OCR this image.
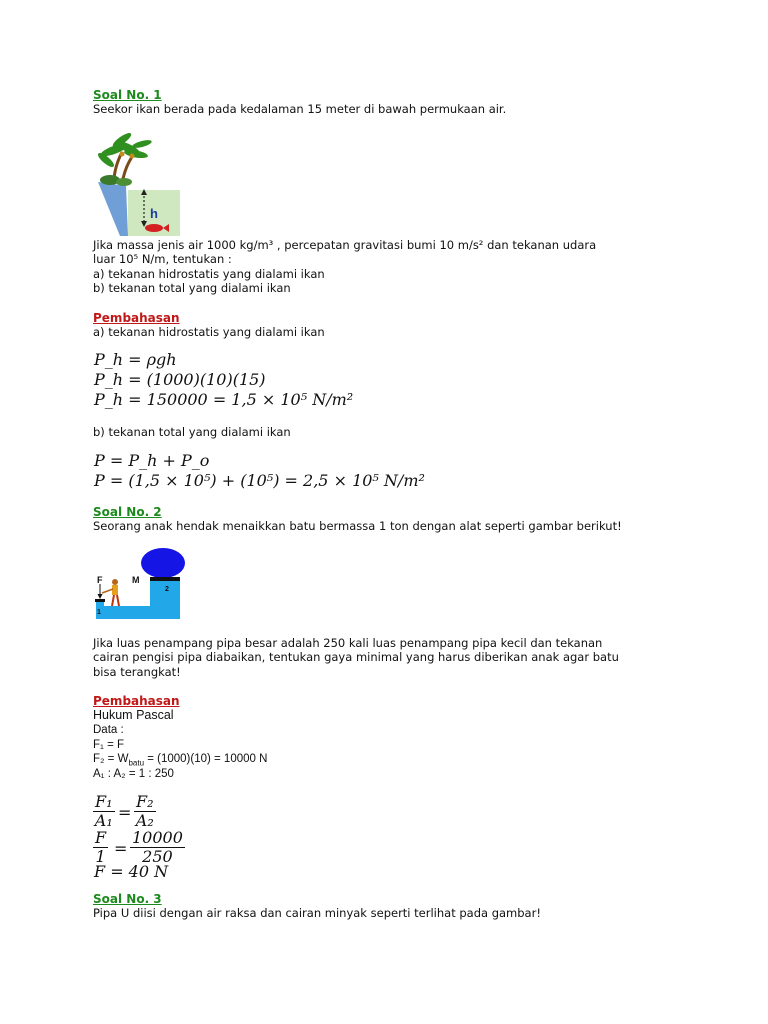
Soal No. 1
Seekor ikan berada pada kedalaman 15 meter di bawah permukaan air.
h
Jika massa jenis air 1000 kg/m³ , percepatan gravitasi bumi 10 m/s² dan tekanan udara
luar 10⁵ N/m, tentukan :
a) tekanan hidrostatis yang dialami ikan
b) tekanan total yang dialami ikan
Pembahasan
a) tekanan hidrostatis yang dialami ikan
P_h = ρgh
P_h = (1000)(10)(15)
P_h = 150000 = 1,5 × 10⁵ N/m²
b) tekanan total yang dialami ikan
P = P_h + P_o
P = (1,5 × 10⁵) + (10⁵) = 2,5 × 10⁵ N/m²
Soal No. 2
Seorang anak hendak menaikkan batu bermassa 1 ton dengan alat seperti gambar berikut!
F	M
1
2
Jika luas penampang pipa besar adalah 250 kali luas penampang pipa kecil dan tekanan
cairan pengisi pipa diabaikan, tentukan gaya minimal yang harus diberikan anak agar batu
bisa terangkat!
Pembahasan
Hukum Pascal
Data :
F₁ = F
$F_2 = W_{batu} = (1000)(10) = 10000$ N
A₁ : A₂ = 1 : 250
$\frac{\text{F₁}}{\text{A₁}} = \frac{\text{F₂}}{\text{A₂}}$
$\frac{F}{1} = \frac{10000}{250}$
F = 40 N
Soal No. 3
Pipa U diisi dengan air raksa dan cairan minyak seperti terlihat pada gambar!
